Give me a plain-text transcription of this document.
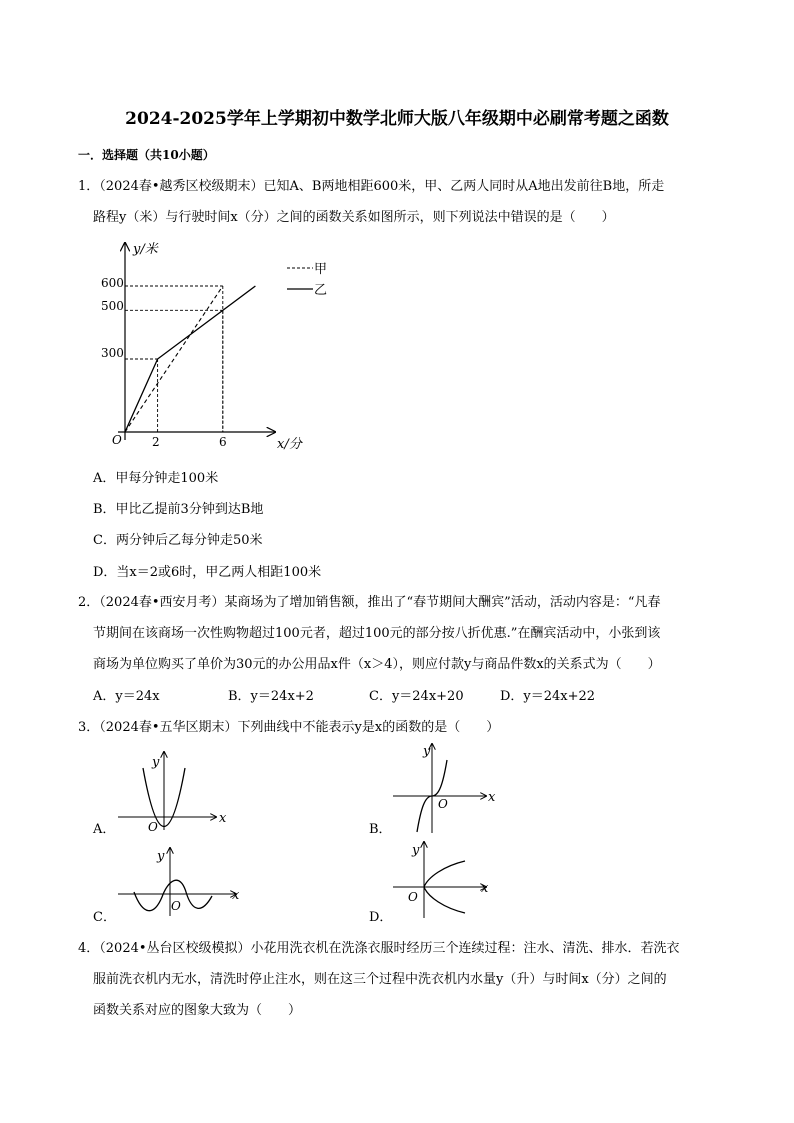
2024-2025学年上学期初中数学北师大版八年级期中必刷常考题之函数
一．选择题（共10小题）
1．（2024春•越秀区校级期末）已知A、B两地相距600米，甲、乙两人同时从A地出发前往B地，所走
路程y（米）与行驶时间x（分）之间的函数关系如图所示，则下列说法中错误的是（　　）
y/米
x/分
O
600
500
300
2	6
甲
乙
A．甲每分钟走100米
B．甲比乙提前3分钟到达B地
C．两分钟后乙每分钟走50米
D．当x＝2或6时，甲乙两人相距100米
2．（2024春•西安月考）某商场为了增加销售额，推出了“春节期间大酬宾”活动，活动内容是：“凡春
节期间在该商场一次性购物超过100元者，超过100元的部分按八折优惠.”在酬宾活动中，小张到该
商场为单位购买了单价为30元的办公用品x件（x＞4），则应付款y与商品件数x的关系式为（　　）
A．y＝24x	B．y＝24x+2	C．y＝24x+20	D．y＝24x+22
3．（2024春•五华区期末）下列曲线中不能表示y是x的函数的是（　　）
A．	B．
C．	D．
y
x
O
y
x
O
y
x
O
y
x
O
4．（2024•丛台区校级模拟）小花用洗衣机在洗涤衣服时经历三个连续过程：注水、清洗、排水．若洗衣
服前洗衣机内无水，清洗时停止注水，则在这三个过程中洗衣机内水量y（升）与时间x（分）之间的
函数关系对应的图象大致为（　　）
